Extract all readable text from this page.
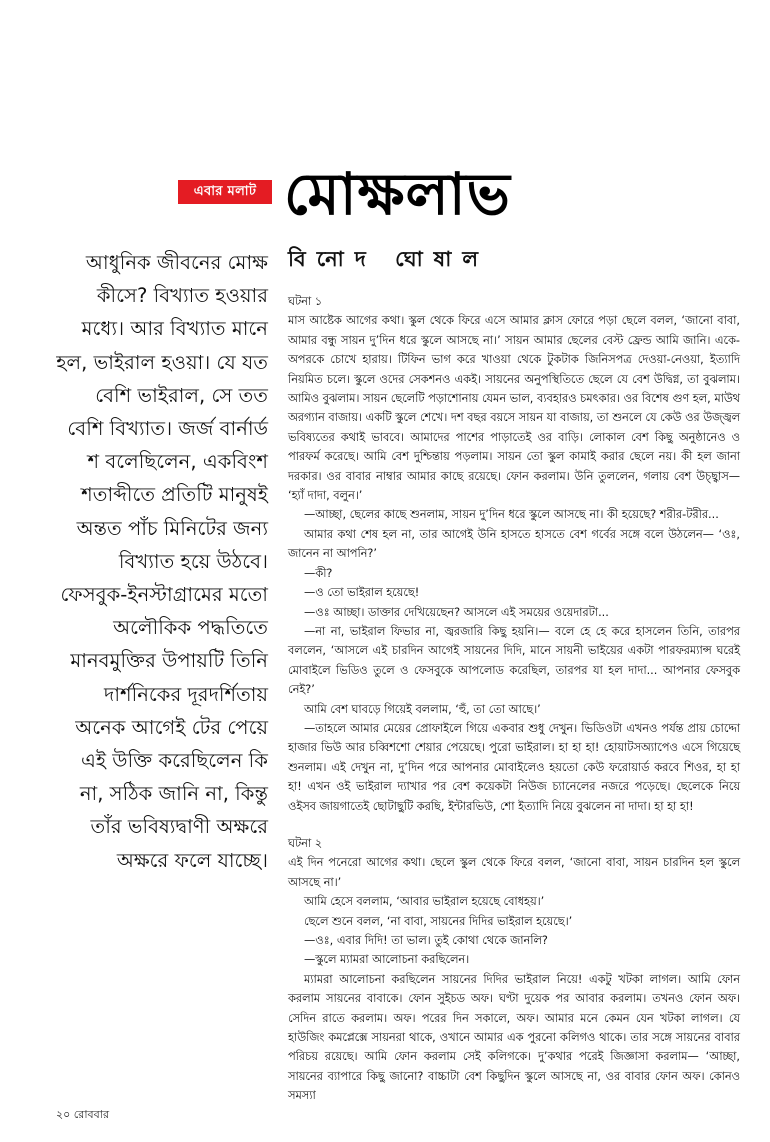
এবার মলাট মোক্ষলাভ

আধুনিক জীবনের মোক্ষ কীসে? বিখ্যাত হওয়ার মধ্যে। আর বিখ্যাত মানে হল, ভাইরাল হওয়া। যে যত বেশি ভাইরাল, সে তত বেশি বিখ্যাত। জর্জ বার্নার্ড শ বলেছিলেন, একবিংশ শতাব্দীতে প্রতিটি মানুষই অন্তত পাঁচ মিনিটের জন্য বিখ্যাত হয়ে উঠবে। ফেসবুক-ইনস্টাগ্রামের মতো অলৌকিক পদ্ধতিতে মানবমুক্তির উপায়টি তিনি দার্শনিকের দূরদর্শিতায় অনেক আগেই টের পেয়ে এই উক্তি করেছিলেন কি না, সঠিক জানি না, কিন্তু তাঁর ভবিষ্যদ্বাণী অক্ষরে অক্ষরে ফলে যাচ্ছে।

বিনোদ ঘোষাল

ঘটনা ১

মাস আষ্টেক আগের কথা। স্কুল থেকে ফিরে এসে আমার ক্লাস ফোরে পড়া ছেলে বলল, ‘জানো বাবা, আমার বন্ধু সায়ন দু’দিন ধরে স্কুলে আসছে না।’ সায়ন আমার ছেলের বেস্ট ফ্রেন্ড আমি জানি। একে-অপরকে চোখে হারায়। টিফিন ভাগ করে খাওয়া থেকে টুকটাক জিনিসপত্র দেওয়া-নেওয়া, ইত্যাদি নিয়মিত চলে। স্কুলে ওদের সেকশনও একই। সায়নের অনুপস্থিতিতে ছেলে যে বেশ উদ্বিগ্ন, তা বুঝলাম। আমিও বুঝলাম। সায়ন ছেলেটি পড়াশোনায় যেমন ভাল, ব্যবহারও চমৎকার। ওর বিশেষ গুণ হল, মাউথ অরগ্যান বাজায়। একটি স্কুলে শেখে। দশ বছর বয়সে সায়ন যা বাজায়, তা শুনলে যে কেউ ওর উজ্জ্বল ভবিষ্যতের কথাই ভাববে। আমাদের পাশের পাড়াতেই ওর বাড়ি। লোকাল বেশ কিছু অনুষ্ঠানেও ও পারফর্ম করেছে। আমি বেশ দুশ্চিন্তায় পড়লাম। সায়ন তো স্কুল কামাই করার ছেলে নয়। কী হল জানা দরকার। ওর বাবার নাম্বার আমার কাছে রয়েছে। ফোন করলাম। উনি তুললেন, গলায় বেশ উচ্ছ্বাস— ‘হ্যাঁ দাদা, বলুন।’

—আচ্ছা, ছেলের কাছে শুনলাম, সায়ন দু’দিন ধরে স্কুলে আসছে না। কী হয়েছে? শরীর-টরীর...

আমার কথা শেষ হল না, তার আগেই উনি হাসতে হাসতে বেশ গর্বের সঙ্গে বলে উঠলেন— ‘ওঃ, জানেন না আপনি?’

—কী?

—ও তো ভাইরাল হয়েছে!

—ওঃ আচ্ছা। ডাক্তার দেখিয়েছেন? আসলে এই সময়ের ওয়েদারটা...

—না না, ভাইরাল ফিভার না, জ্বরজারি কিছু হয়নি।— বলে হে হে করে হাসলেন তিনি, তারপর বললেন, ‘আসলে এই চারদিন আগেই সায়নের দিদি, মানে সায়নী ভাইয়ের একটা পারফরম্যান্স ঘরেই মোবাইলে ভিডিও তুলে ও ফেসবুকে আপলোড করেছিল, তারপর যা হল দাদা... আপনার ফেসবুক নেই?’

আমি বেশ ঘাবড়ে গিয়েই বললাম, ‘হুঁ, তা তো আছে।’

—তাহলে আমার মেয়ের প্রোফাইলে গিয়ে একবার শুধু দেখুন। ভিডিওটা এখনও পর্যন্ত প্রায় চোদ্দো হাজার ভিউ আর চব্বিশশো শেয়ার পেয়েছে। পুরো ভাইরাল। হা হা হা! হোয়াটসঅ্যাপেও এসে গিয়েছে শুনলাম। এই দেখুন না, দু’দিন পরে আপনার মোবাইলেও হয়তো কেউ ফরোয়ার্ড করবে শিওর, হা হা হা! এখন ওই ভাইরাল দ্যাখার পর বেশ কয়েকটা নিউজ চ্যানেলের নজরে পড়েছে। ছেলেকে নিয়ে ওইসব জায়গাতেই ছোটাছুটি করছি, ইন্টারভিউ, শো ইত্যাদি নিয়ে বুঝলেন না দাদা। হা হা হা!

ঘটনা ২

এই দিন পনেরো আগের কথা। ছেলে স্কুল থেকে ফিরে বলল, ‘জানো বাবা, সায়ন চারদিন হল স্কুলে আসছে না।’

আমি হেসে বললাম, ‘আবার ভাইরাল হয়েছে বোধহয়।’

ছেলে শুনে বলল, ‘না বাবা, সায়নের দিদির ভাইরাল হয়েছে।’

—ওঃ, এবার দিদি! তা ভাল। তুই কোথা থেকে জানলি?

—স্কুলে ম্যামরা আলোচনা করছিলেন।

ম্যামরা আলোচনা করছিলেন সায়নের দিদির ভাইরাল নিয়ে! একটু খটকা লাগল। আমি ফোন করলাম সায়নের বাবাকে। ফোন সুইচড অফ। ঘণ্টা দুয়েক পর আবার করলাম। তখনও ফোন অফ। সেদিন রাতে করলাম। অফ। পরের দিন সকালে, অফ। আমার মনে কেমন যেন খটকা লাগল। যে হাউজিং কমপ্লেক্সে সায়নরা থাকে, ওখানে আমার এক পুরনো কলিগও থাকে। তার সঙ্গে সায়নের বাবার পরিচয় রয়েছে। আমি ফোন করলাম সেই কলিগকে। দু’কথার পরেই জিজ্ঞাসা করলাম— ‘আচ্ছা, সায়নের ব্যাপারে কিছু জানো? বাচ্চাটা বেশ কিছুদিন স্কুলে আসছে না, ওর বাবার ফোন অফ। কোনও সমস্যা

২০ রোববার
